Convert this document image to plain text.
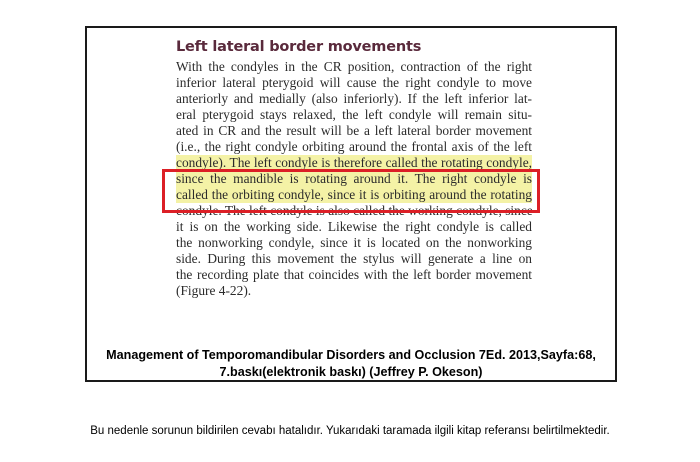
Left lateral border movements
With the condyles in the CR position, contraction of the right
inferior lateral pterygoid will cause the right condyle to move
anteriorly and medially (also inferiorly). If the left inferior lat-
eral pterygoid stays relaxed, the left condyle will remain situ-
ated in CR and the result will be a left lateral border movement
(i.e., the right condyle orbiting around the frontal axis of the left
condyle). The left condyle is therefore called the rotating condyle,
since the mandible is rotating around it. The right condyle is
called the orbiting condyle, since it is orbiting around the rotating
condyle. The left condyle is also called the working condyle, since
it is on the working side. Likewise the right condyle is called
the nonworking condyle, since it is located on the nonworking
side. During this movement the stylus will generate a line on
the recording plate that coincides with the left border movement
(Figure 4-22).
Management of Temporomandibular Disorders and Occlusion 7Ed. 2013,Sayfa:68,
7.baskı(elektronik baskı) (Jeffrey P. Okeson)
Bu nedenle sorunun bildirilen cevabı hatalıdır. Yukarıdaki taramada ilgili kitap referansı belirtilmektedir.
